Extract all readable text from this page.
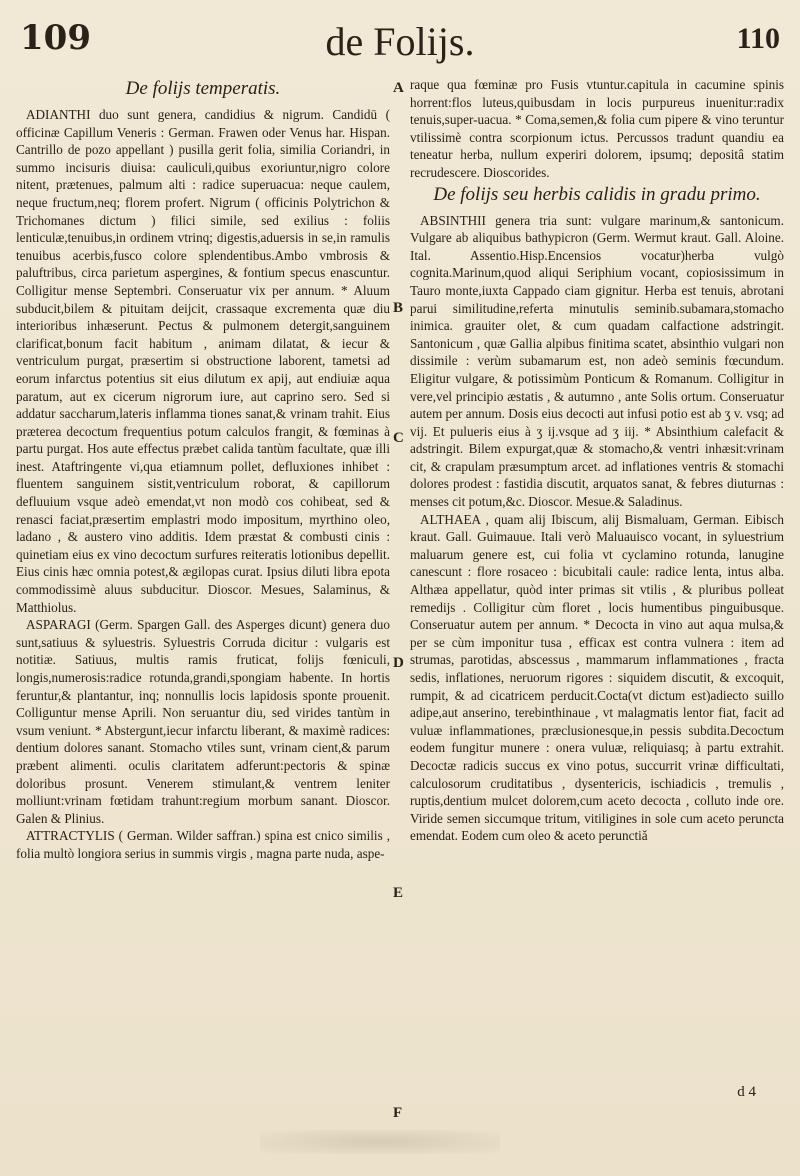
109	de Folijs.	110
De folijs temperatis.

ADIANTHI duo sunt genera, candidius & nigrum. Candidū ( officinæ Capillum Veneris : German. Frawen oder Venus har. Hispan. Cantrillo de pozo appellant ) pusilla gerit folia, similia Coriandri, in summo incisuris diuisa: cauliculi,quibus exoriuntur,nigro colore nitent, prætenues, palmum alti : radice superuacua: neque caulem, neque fructum,neq; florem profert. Nigrum ( officinis Polytrichon & Trichomanes dictum ) filici simile, sed exilius : foliis lenticulæ,tenuibus,in ordinem vtrinq; digestis,aduersis in se,in ramulis tenuibus acerbis,fusco colore splendentibus.Ambo vmbrosis & paluftribus, circa parietum aspergines, & fontium specus enascuntur. Colligitur mense Septembri. Conseruatur vix per annum. * Aluum subducit,bilem & pituitam deijcit, crassaque excrementa quæ diu interioribus inhæserunt. Pectus & pulmonem detergit,sanguinem clarificat,bonum facit habitum , animam dilatat, & iecur & ventriculum purgat, præsertim si obstructione laborent, tametsi ad eorum infarctus potentius sit eius dilutum ex apij, aut endiuiæ aqua paratum, aut ex cicerum nigrorum iure, aut caprino sero. Sed si addatur saccharum,lateris inflamma tiones sanat,& vrinam trahit. Eius præterea decoctum frequentius potum calculos frangit, & fœminas à partu purgat. Hos aute effectus præbet calida tantùm facultate, quæ illi inest. Ataftringente vi,qua etiamnum pollet, defluxiones inhibet : fluentem sanguinem sistit,ventriculum roborat, & capillorum defluuium vsque adeò emendat,vt non modò cos cohibeat, sed & renasci faciat,præsertim emplastri modo impositum, myrthino oleo, ladano , & austero vino additis. Idem præstat & combusti cinis : quinetiam eius ex vino decoctum surfures reiteratis lotionibus depellit. Eius cinis hæc omnia potest,& ægilopas curat. Ipsius diluti libra epota commodissimè aluus subducitur. Dioscor. Mesues, Salaminus, & Matthiolus.

ASPARAGI (Germ. Spargen Gall. des Asperges dicunt) genera duo sunt,satiuus & syluestris. Syluestris Corruda dicitur : vulgaris est notitiæ. Satiuus, multis ramis fruticat, folijs fœniculi, longis,numerosis:radice rotunda,grandi,spongiam habente. In hortis feruntur,& plantantur, inq; nonnullis locis lapidosis sponte prouenit. Colliguntur mense Aprili. Non seruantur diu, sed virides tantùm in vsum veniunt. * Abstergunt,iecur infarctu liberant, & maximè radices: dentium dolores sanant. Stomacho vtiles sunt, vrinam cient,& parum præbent alimenti. oculis claritatem adferunt:pectoris & spinæ doloribus prosunt. Venerem stimulant,& ventrem leniter molliunt:vrinam fœtidam trahunt:regium morbum sanant. Dioscor. Galen & Plinius.

ATTRACTYLIS ( German. Wilder saffran.) spina est cnico similis , folia multò longiora serius in summis virgis , magna parte nuda, aspe-

A
B
C
D
E
F

raque qua fœminæ pro Fusis vtuntur.capitula in cacumine spinis horrent:flos luteus,quibusdam in locis purpureus inuenitur:radix tenuis,super-uacua. * Coma,semen,& folia cum pipere & vino teruntur vtilissimè contra scorpionum ictus. Percussos tradunt quandiu ea teneatur herba, nullum experiri dolorem, ipsumq; depositâ statim recrudescere. Dioscorides.

De folijs seu herbis calidis in gradu primo.

ABSINTHII genera tria sunt: vulgare marinum,& santonicum. Vulgare ab aliquibus bathypicron (Germ. Wermut kraut. Gall. Aloine. Ital. Assentio.Hisp.Encensios vocatur)herba vulgò cognita.Marinum,quod aliqui Seriphium vocant, copiosissimum in Tauro monte,iuxta Cappado ciam gignitur. Herba est tenuis, abrotani parui similitudine,referta minutulis seminib.subamara,stomacho inimica. grauiter olet, & cum quadam calfactione adstringit. Santonicum , quæ Gallia alpibus finitima scatet, absinthio vulgari non dissimile : verùm subamarum est, non adeò seminis fœcundum. Eligitur vulgare, & potissimùm Ponticum & Romanum. Colligitur in vere,vel principio æstatis , & autumno , ante Solis ortum. Conseruatur autem per annum. Dosis eius decocti aut infusi potio est ab ʒ v. vsq; ad vij. Et pulueris eius à ʒ ij.vsque ad ʒ iij. * Absinthium calefacit & adstringit. Bilem expurgat,quæ & stomacho,& ventri inhæsit:vrinam cit, & crapulam præsumptum arcet. ad inflationes ventris & stomachi dolores prodest : fastidia discutit, arquatos sanat, & febres diuturnas : menses cit potum,&c. Dioscor. Mesue.& Saladinus.

ALTHAEA , quam alij Ibiscum, alij Bismaluam, German. Eibisch kraut. Gall. Guimauue. Itali verò Maluauisco vocant, in syluestrium maluarum genere est, cui folia vt cyclamino rotunda, lanugine canescunt : flore rosaceo : bicubitali caule: radice lenta, intus alba. Althæa appellatur, quòd inter primas sit vtilis , & pluribus polleat remedijs . Colligitur cùm floret , locis humentibus pinguibusque. Conseruatur autem per annum. * Decocta in vino aut aqua mulsa,& per se cùm imponitur tusa , efficax est contra vulnera : item ad strumas, parotidas, abscessus , mammarum inflammationes , fracta sedis, inflationes, neruorum rigores : siquidem discutit, & excoquit, rumpit, & ad cicatricem perducit.Cocta(vt dictum est)adiecto suillo adipe,aut anserino, terebinthinaue , vt malagmatis lentor fiat, facit ad vuluæ inflammationes, præclusionesque,in pessis subdita.Decoctum eodem fungitur munere : onera vuluæ, reliquiasq; à partu extrahit. Decoctæ radicis succus ex vino potus, succurrit vrinæ difficultati, calculosorum cruditatibus , dysentericis, ischiadicis , tremulis , ruptis,dentium mulcet dolorem,cum aceto decocta , colluto inde ore. Viride semen siccumque tritum, vitiligines in sole cum aceto peruncta emendat. Eodem cum oleo & aceto perunctiǎ

d 4
